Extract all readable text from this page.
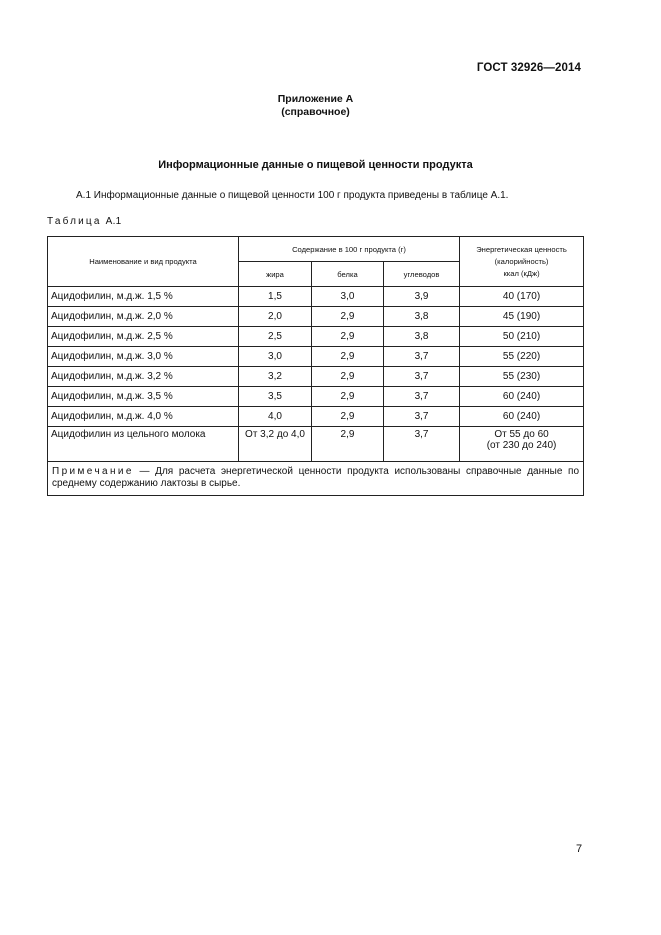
ГОСТ 32926—2014
Приложение А
(справочное)
Информационные данные о пищевой ценности продукта
А.1 Информационные данные о пищевой ценности 100 г продукта приведены в таблице А.1.
Таблица А.1
Наименование и вид продукта	Содержание в 100 г продукта (г)			Энергетическая ценность
(калорийность)
ккал (кДж)

	жира	белка	углеводов	
Ацидофилин, м.д.ж. 1,5 %	1,5	3,0	3,9	40 (170)
Ацидофилин, м.д.ж. 2,0 %	2,0	2,9	3,8	45 (190)
Ацидофилин, м.д.ж. 2,5 %	2,5	2,9	3,8	50 (210)
Ацидофилин, м.д.ж. 3,0 %	3,0	2,9	3,7	55 (220)
Ацидофилин, м.д.ж. 3,2 %	3,2	2,9	3,7	55 (230)
Ацидофилин, м.д.ж. 3,5 %	3,5	2,9	3,7	60 (240)
Ацидофилин, м.д.ж. 4,0 %	4,0	2,9	3,7	60 (240)
Ацидофилин из цельного молока	От 3,2 до 4,0	2,9	3,7	От 55 до 60
(от 230 до 240)

Примечание — Для расчета энергетической ценности продукта использованы справочные данные по среднему содержанию лактозы в сырье.				
7
